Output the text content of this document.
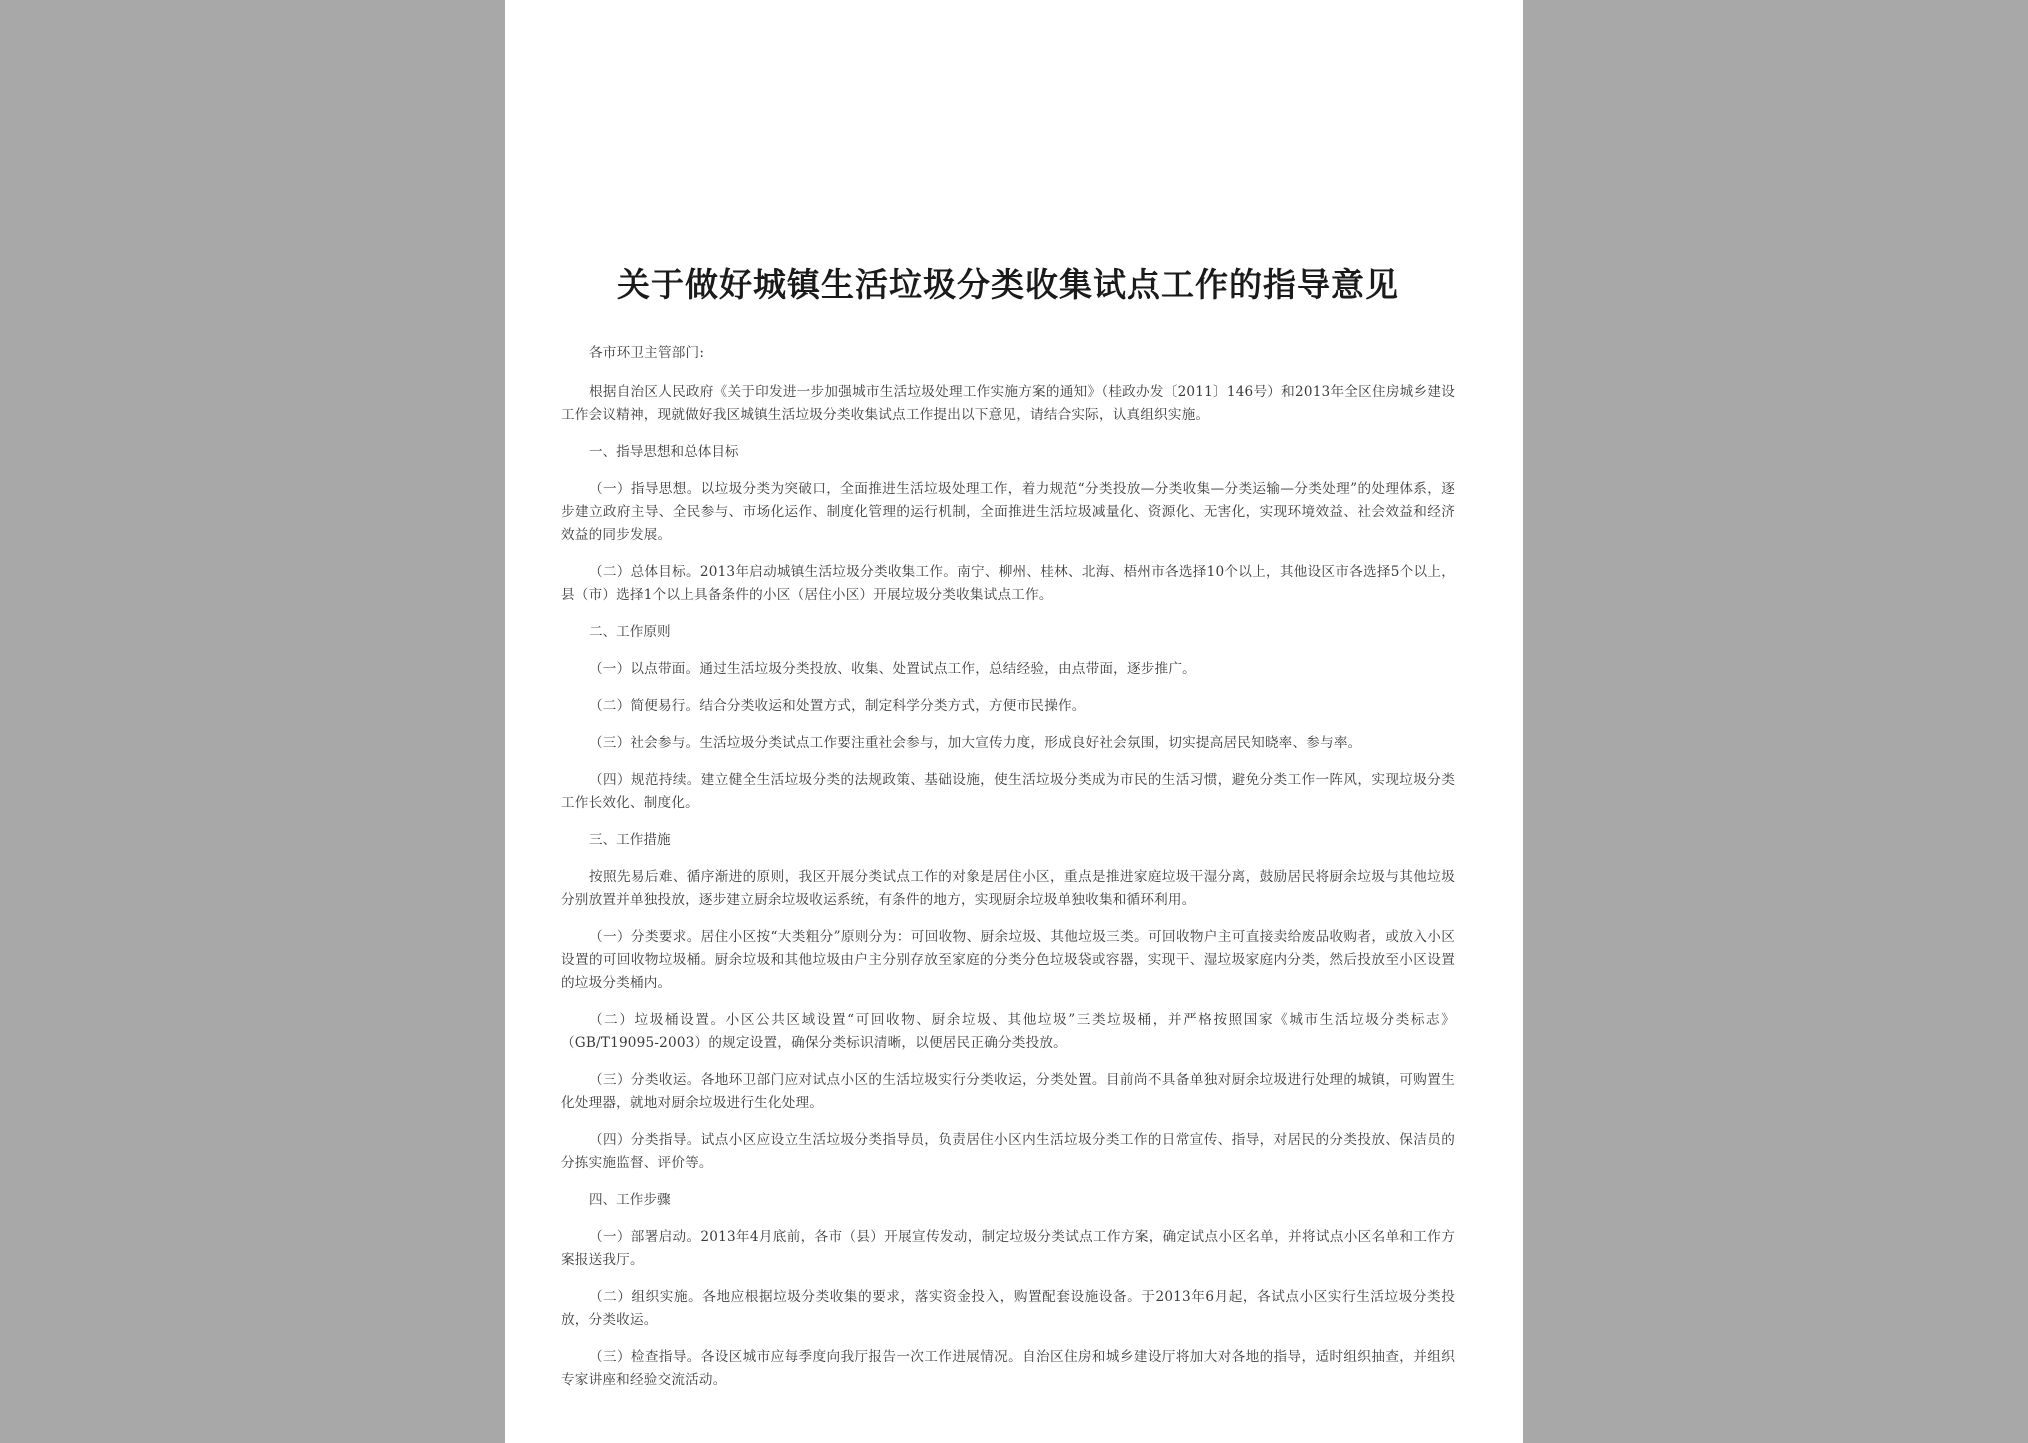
关于做好城镇生活垃圾分类收集试点工作的指导意见

各市环卫主管部门:

根据自治区人民政府《关于印发进一步加强城市生活垃圾处理工作实施方案的通知》（桂政办发〔2011〕146号）和2013年全区住房城乡建设工作会议精神，现就做好我区城镇生活垃圾分类收集试点工作提出以下意见，请结合实际，认真组织实施。

一、指导思想和总体目标

（一）指导思想。以垃圾分类为突破口，全面推进生活垃圾处理工作，着力规范“分类投放—分类收集—分类运输—分类处理”的处理体系，逐步建立政府主导、全民参与、市场化运作、制度化管理的运行机制，全面推进生活垃圾减量化、资源化、无害化，实现环境效益、社会效益和经济效益的同步发展。

（二）总体目标。2013年启动城镇生活垃圾分类收集工作。南宁、柳州、桂林、北海、梧州市各选择10个以上，其他设区市各选择5个以上，县（市）选择1个以上具备条件的小区（居住小区）开展垃圾分类收集试点工作。

二、工作原则

（一）以点带面。通过生活垃圾分类投放、收集、处置试点工作，总结经验，由点带面，逐步推广。

（二）简便易行。结合分类收运和处置方式，制定科学分类方式，方便市民操作。

（三）社会参与。生活垃圾分类试点工作要注重社会参与，加大宣传力度，形成良好社会氛围，切实提高居民知晓率、参与率。

（四）规范持续。建立健全生活垃圾分类的法规政策、基础设施，使生活垃圾分类成为市民的生活习惯，避免分类工作一阵风，实现垃圾分类工作长效化、制度化。

三、工作措施

按照先易后难、循序渐进的原则，我区开展分类试点工作的对象是居住小区，重点是推进家庭垃圾干湿分离，鼓励居民将厨余垃圾与其他垃圾分别放置并单独投放，逐步建立厨余垃圾收运系统，有条件的地方，实现厨余垃圾单独收集和循环利用。

（一）分类要求。居住小区按“大类粗分”原则分为：可回收物、厨余垃圾、其他垃圾三类。可回收物户主可直接卖给废品收购者，或放入小区设置的可回收物垃圾桶。厨余垃圾和其他垃圾由户主分别存放至家庭的分类分色垃圾袋或容器，实现干、湿垃圾家庭内分类，然后投放至小区设置的垃圾分类桶内。

（二）垃圾桶设置。小区公共区域设置“可回收物、厨余垃圾、其他垃圾”三类垃圾桶，并严格按照国家《城市生活垃圾分类标志》（GB/T19095-2003）的规定设置，确保分类标识清晰，以便居民正确分类投放。

（三）分类收运。各地环卫部门应对试点小区的生活垃圾实行分类收运，分类处置。目前尚不具备单独对厨余垃圾进行处理的城镇，可购置生化处理器，就地对厨余垃圾进行生化处理。

（四）分类指导。试点小区应设立生活垃圾分类指导员，负责居住小区内生活垃圾分类工作的日常宣传、指导，对居民的分类投放、保洁员的分拣实施监督、评价等。

四、工作步骤

（一）部署启动。2013年4月底前，各市（县）开展宣传发动，制定垃圾分类试点工作方案，确定试点小区名单，并将试点小区名单和工作方案报送我厅。

（二）组织实施。各地应根据垃圾分类收集的要求，落实资金投入，购置配套设施设备。于2013年6月起，各试点小区实行生活垃圾分类投放，分类收运。

（三）检查指导。各设区城市应每季度向我厅报告一次工作进展情况。自治区住房和城乡建设厅将加大对各地的指导，适时组织抽查，并组织专家讲座和经验交流活动。
